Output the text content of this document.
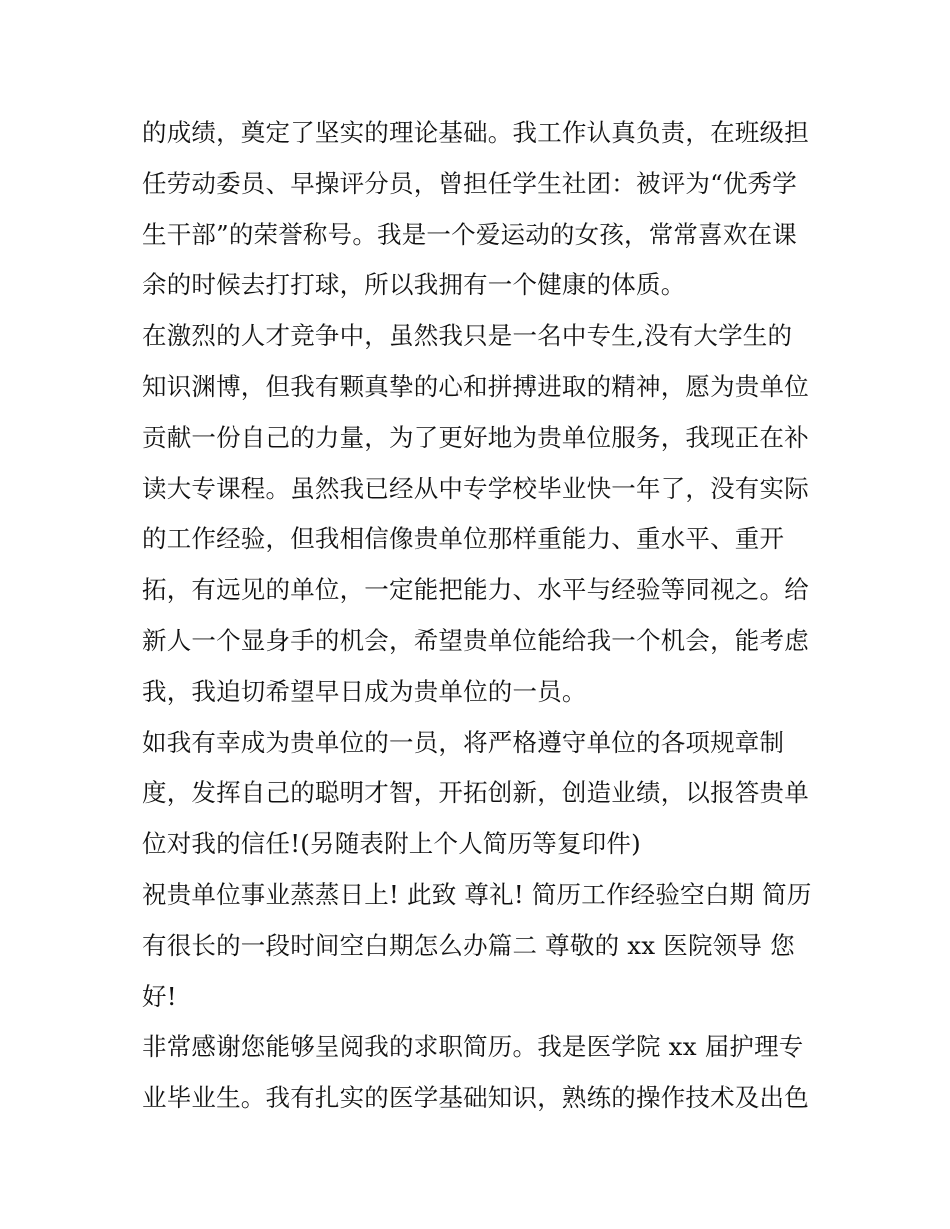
的成绩，奠定了坚实的理论基础。我工作认真负责，在班级担
任劳动委员、早操评分员，曾担任学生社团：被评为“优秀学
生干部”的荣誉称号。我是一个爱运动的女孩，常常喜欢在课
余的时候去打打球，所以我拥有一个健康的体质。
在激烈的人才竞争中，虽然我只是一名中专生,没有大学生的
知识渊博，但我有颗真挚的心和拼搏进取的精神，愿为贵单位
贡献一份自己的力量，为了更好地为贵单位服务，我现正在补
读大专课程。虽然我已经从中专学校毕业快一年了，没有实际
的工作经验，但我相信像贵单位那样重能力、重水平、重开
拓，有远见的单位，一定能把能力、水平与经验等同视之。给
新人一个显身手的机会，希望贵单位能给我一个机会，能考虑
我，我迫切希望早日成为贵单位的一员。
如我有幸成为贵单位的一员，将严格遵守单位的各项规章制
度，发挥自己的聪明才智，开拓创新，创造业绩，以报答贵单
位对我的信任!(另随表附上个人简历等复印件)
祝贵单位事业蒸蒸日上! 此致 尊礼! 简历工作经验空白期 简历
有很长的一段时间空白期怎么办篇二 尊敬的 xx 医院领导 您
好!
非常感谢您能够呈阅我的求职简历。我是医学院 xx 届护理专
业毕业生。我有扎实的医学基础知识，熟练的操作技术及出色
